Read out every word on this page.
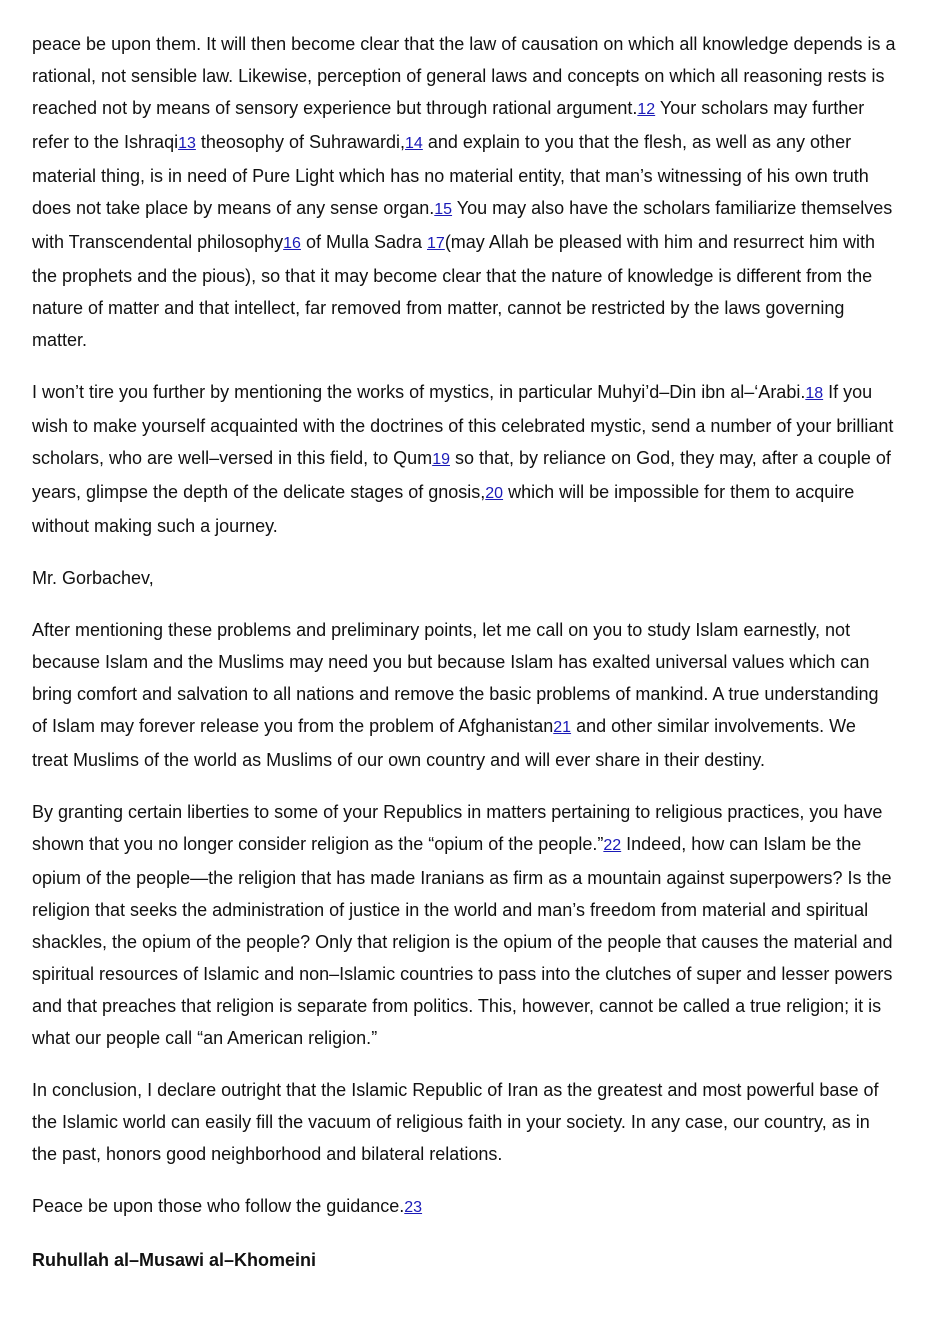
peace be upon them. It will then become clear that the law of causation on which all knowledge depends is a rational, not sensible law. Likewise, perception of general laws and concepts on which all reasoning rests is reached not by means of sensory experience but through rational argument.12 Your scholars may further refer to the Ishraqi13 theosophy of Suhrawardi,14 and explain to you that the flesh, as well as any other material thing, is in need of Pure Light which has no material entity, that man’s witnessing of his own truth does not take place by means of any sense organ.15 You may also have the scholars familiarize themselves with Transcendental philosophy16 of Mulla Sadra 17(may Allah be pleased with him and resurrect him with the prophets and the pious), so that it may become clear that the nature of knowledge is different from the nature of matter and that intellect, far removed from matter, cannot be restricted by the laws governing matter.

I won’t tire you further by mentioning the works of mystics, in particular Muhyi’d–Din ibn al–‘Arabi.18 If you wish to make yourself acquainted with the doctrines of this celebrated mystic, send a number of your brilliant scholars, who are well–versed in this field, to Qum19 so that, by reliance on God, they may, after a couple of years, glimpse the depth of the delicate stages of gnosis,20 which will be impossible for them to acquire without making such a journey.

Mr. Gorbachev,

After mentioning these problems and preliminary points, let me call on you to study Islam earnestly, not because Islam and the Muslims may need you but because Islam has exalted universal values which can bring comfort and salvation to all nations and remove the basic problems of mankind. A true understanding of Islam may forever release you from the problem of Afghanistan21 and other similar involvements. We treat Muslims of the world as Muslims of our own country and will ever share in their destiny.

By granting certain liberties to some of your Republics in matters pertaining to religious practices, you have shown that you no longer consider religion as the “opium of the people.”22 Indeed, how can Islam be the opium of the people—the religion that has made Iranians as firm as a mountain against superpowers? Is the religion that seeks the administration of justice in the world and man’s freedom from material and spiritual shackles, the opium of the people? Only that religion is the opium of the people that causes the material and spiritual resources of Islamic and non–Islamic countries to pass into the clutches of super and lesser powers and that preaches that religion is separate from politics. This, however, cannot be called a true religion; it is what our people call “an American religion.”

In conclusion, I declare outright that the Islamic Republic of Iran as the greatest and most powerful base of the Islamic world can easily fill the vacuum of religious faith in your society. In any case, our country, as in the past, honors good neighborhood and bilateral relations.

Peace be upon those who follow the guidance.23

Ruhullah al–Musawi al–Khomeini
